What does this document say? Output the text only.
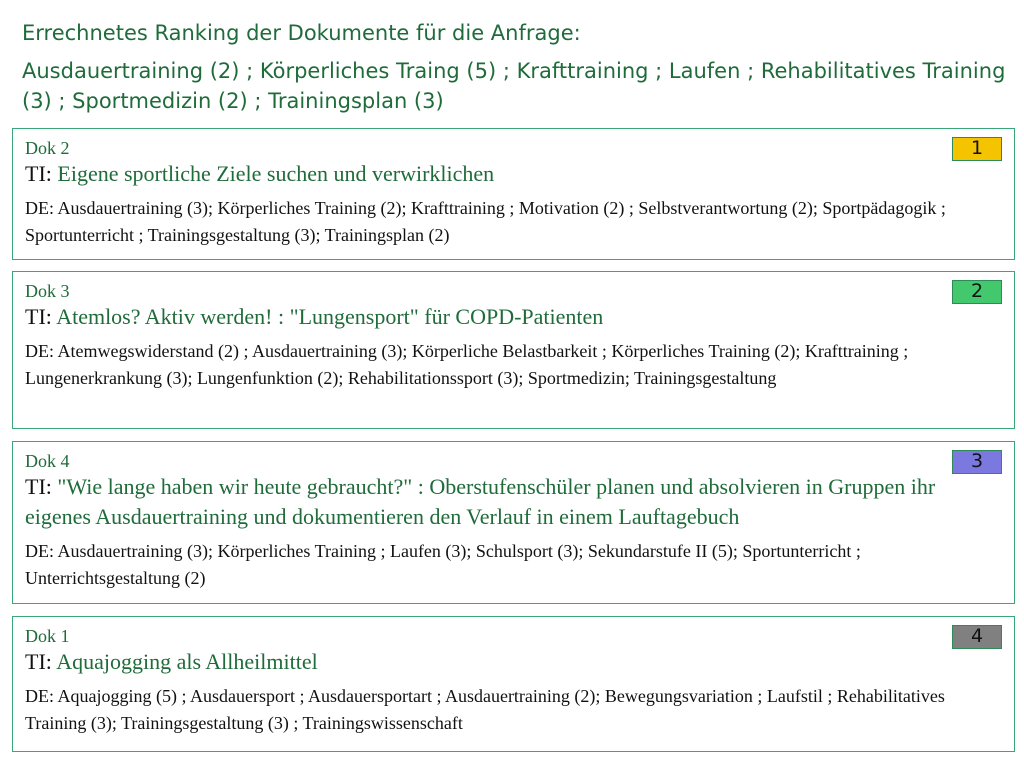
Errechnetes Ranking der Dokumente für die Anfrage:
Ausdauertraining (2) ; Körperliches Traing (5) ; Krafttraining ; Laufen ; Rehabilitatives Training (3) ; Sportmedizin (2) ; Trainingsplan (3)
Dok 2	1
TI: Eigene sportliche Ziele suchen und verwirklichen
DE: Ausdauertraining (3); Körperliches Training (2); Krafttraining ; Motivation (2) ; Selbstverantwortung (2); Sportpädagogik ; Sportunterricht ; Trainingsgestaltung (3); Trainingsplan (2)
Dok 3	2
TI: Atemlos? Aktiv werden! : "Lungensport" für COPD-Patienten
DE: Atemwegswiderstand (2) ; Ausdauertraining (3); Körperliche Belastbarkeit ; Körperliches Training (2); Krafttraining ; Lungenerkrankung (3); Lungenfunktion (2); Rehabilitationssport (3); Sportmedizin; Trainingsgestaltung
Dok 4	3
TI: "Wie lange haben wir heute gebraucht?" : Oberstufenschüler planen und absolvieren in Gruppen ihr eigenes Ausdauertraining und dokumentieren den Verlauf in einem Lauftagebuch
DE: Ausdauertraining (3); Körperliches Training ; Laufen (3); Schulsport (3); Sekundarstufe II (5); Sportunterricht ; Unterrichtsgestaltung (2)
Dok 1	4
TI: Aquajogging als Allheilmittel
DE: Aquajogging (5) ; Ausdauersport ; Ausdauersportart ; Ausdauertraining (2); Bewegungsvariation ; Laufstil ; Rehabilitatives Training (3); Trainingsgestaltung (3) ; Trainingswissenschaft
